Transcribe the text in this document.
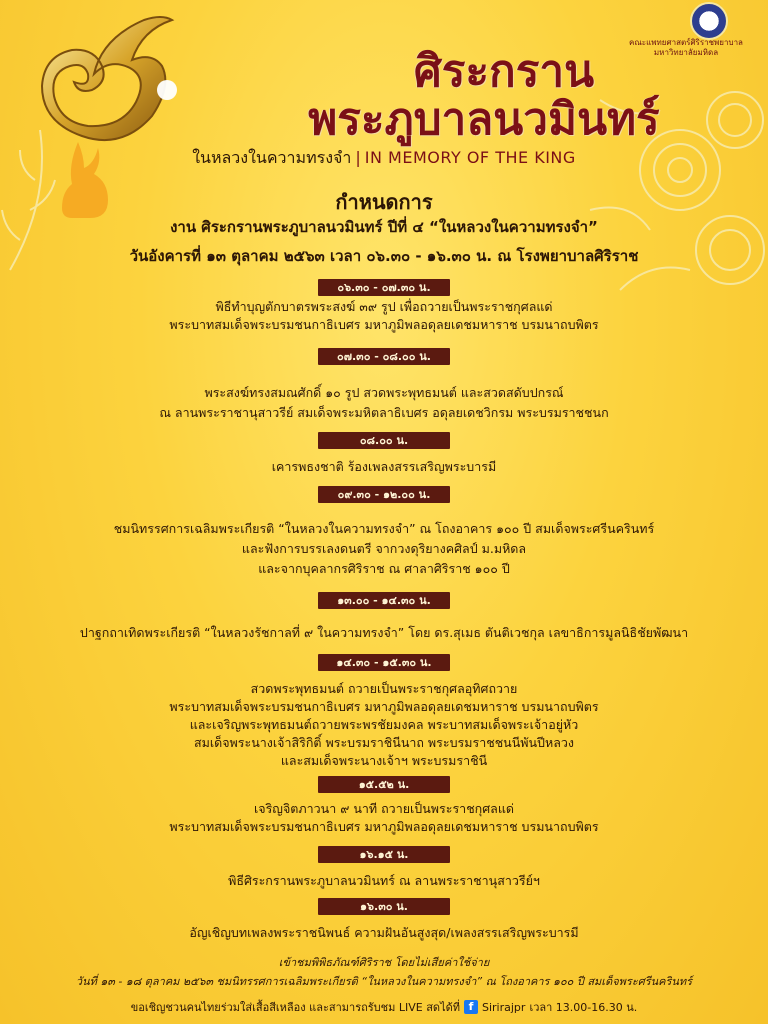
ศิระกราน
พระภูบาลนวมินทร์
คณะแพทยศาสตร์ศิริราชพยาบาล
มหาวิทยาลัยมหิดล
ในหลวงในความทรงจำ | IN MEMORY OF THE KING
กำหนดการ
งาน ศิระกรานพระภูบาลนวมินทร์ ปีที่ ๔ “ในหลวงในความทรงจำ”
วันอังคารที่ ๑๓ ตุลาคม ๒๕๖๓ เวลา ๐๖.๓๐ - ๑๖.๓๐ น. ณ โรงพยาบาลศิริราช
๐๖.๓๐ - ๐๗.๓๐ น.
พิธีทำบุญตักบาตรพระสงฆ์ ๓๙ รูป เพื่อถวายเป็นพระราชกุศลแด่
พระบาทสมเด็จพระบรมชนกาธิเบศร มหาภูมิพลอดุลยเดชมหาราช บรมนาถบพิตร
๐๗.๓๐ - ๐๘.๐๐ น.
พระสงฆ์ทรงสมณศักดิ์ ๑๐ รูป สวดพระพุทธมนต์ และสวดสดับปกรณ์
ณ ลานพระราชานุสาวรีย์ สมเด็จพระมหิตลาธิเบศร อดุลยเดชวิกรม พระบรมราชชนก
๐๘.๐๐ น.
เคารพธงชาติ ร้องเพลงสรรเสริญพระบารมี
๐๙.๓๐ - ๑๒.๐๐ น.
ชมนิทรรศการเฉลิมพระเกียรติ “ในหลวงในความทรงจำ” ณ โถงอาคาร ๑๐๐ ปี สมเด็จพระศรีนครินทร์
และฟังการบรรเลงดนตรี จากวงดุริยางคศิลป์ ม.มหิดล
และจากบุคลากรศิริราช ณ ศาลาศิริราช ๑๐๐ ปี
๑๓.๐๐ - ๑๔.๓๐ น.
ปาฐกถาเทิดพระเกียรติ “ในหลวงรัชกาลที่ ๙ ในความทรงจำ” โดย ดร.สุเมธ ตันติเวชกุล เลขาธิการมูลนิธิชัยพัฒนา
๑๔.๓๐ - ๑๕.๓๐ น.
สวดพระพุทธมนต์ ถวายเป็นพระราชกุศลอุทิศถวาย
พระบาทสมเด็จพระบรมชนกาธิเบศร มหาภูมิพลอดุลยเดชมหาราช บรมนาถบพิตร
และเจริญพระพุทธมนต์ถวายพระพรชัยมงคล พระบาทสมเด็จพระเจ้าอยู่หัว
สมเด็จพระนางเจ้าสิริกิติ์ พระบรมราชินีนาถ พระบรมราชชนนีพันปีหลวง
และสมเด็จพระนางเจ้าฯ พระบรมราชินี
๑๕.๕๒ น.
เจริญจิตภาวนา ๙ นาที ถวายเป็นพระราชกุศลแด่
พระบาทสมเด็จพระบรมชนกาธิเบศร มหาภูมิพลอดุลยเดชมหาราช บรมนาถบพิตร
๑๖.๑๕ น.
พิธีศิระกรานพระภูบาลนวมินทร์ ณ ลานพระราชานุสาวรีย์ฯ
๑๖.๓๐ น.
อัญเชิญบทเพลงพระราชนิพนธ์ ความฝันอันสูงสุด/เพลงสรรเสริญพระบารมี
เข้าชมพิพิธภัณฑ์ศิริราช โดยไม่เสียค่าใช้จ่าย
วันที่ ๑๓ - ๑๘ ตุลาคม ๒๕๖๓ ชมนิทรรศการเฉลิมพระเกียรติ “ในหลวงในความทรงจำ” ณ โถงอาคาร ๑๐๐ ปี สมเด็จพระศรีนครินทร์
ขอเชิญชวนคนไทยร่วมใส่เสื้อสีเหลือง และสามารถรับชม LIVE สดได้ที่ f Sirirajpr เวลา 13.00-16.30 น.
